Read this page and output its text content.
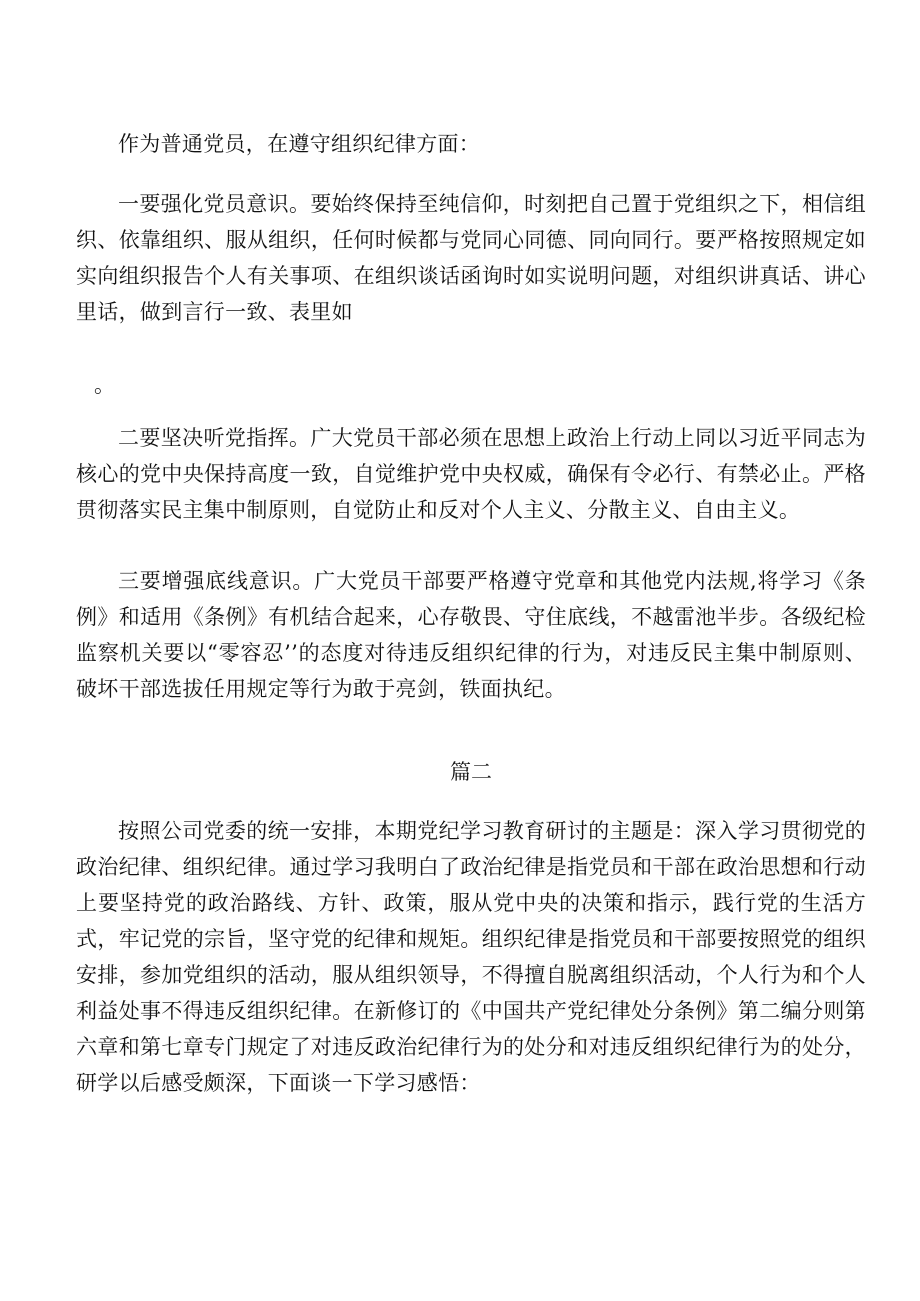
作为普通党员，在遵守组织纪律方面：

一要强化党员意识。要始终保持至纯信仰，时刻把自己置于党组织之下，相信组织、依靠组织、服从组织，任何时候都与党同心同德、同向同行。要严格按照规定如实向组织报告个人有关事项、在组织谈话函询时如实说明问题，对组织讲真话、讲心里话，做到言行一致、表里如

。

二要坚决听党指挥。广大党员干部必须在思想上政治上行动上同以习近平同志为核心的党中央保持高度一致，自觉维护党中央权威，确保有令必行、有禁必止。严格贯彻落实民主集中制原则，自觉防止和反对个人主义、分散主义、自由主义。

三要增强底线意识。广大党员干部要严格遵守党章和其他党内法规,将学习《条例》和适用《条例》有机结合起来，心存敬畏、守住底线，不越雷池半步。各级纪检监察机关要以“零容忍’’的态度对待违反组织纪律的行为，对违反民主集中制原则、破坏干部选拔任用规定等行为敢于亮剑，铁面执纪。

篇二

按照公司党委的统一安排，本期党纪学习教育研讨的主题是：深入学习贯彻党的政治纪律、组织纪律。通过学习我明白了政治纪律是指党员和干部在政治思想和行动上要坚持党的政治路线、方针、政策，服从党中央的决策和指示，践行党的生活方式，牢记党的宗旨，坚守党的纪律和规矩。组织纪律是指党员和干部要按照党的组织安排，参加党组织的活动，服从组织领导，不得擅自脱离组织活动，个人行为和个人利益处事不得违反组织纪律。在新修订的《中国共产党纪律处分条例》第二编分则第六章和第七章专门规定了对违反政治纪律行为的处分和对违反组织纪律行为的处分，研学以后感受颇深，下面谈一下学习感悟：
